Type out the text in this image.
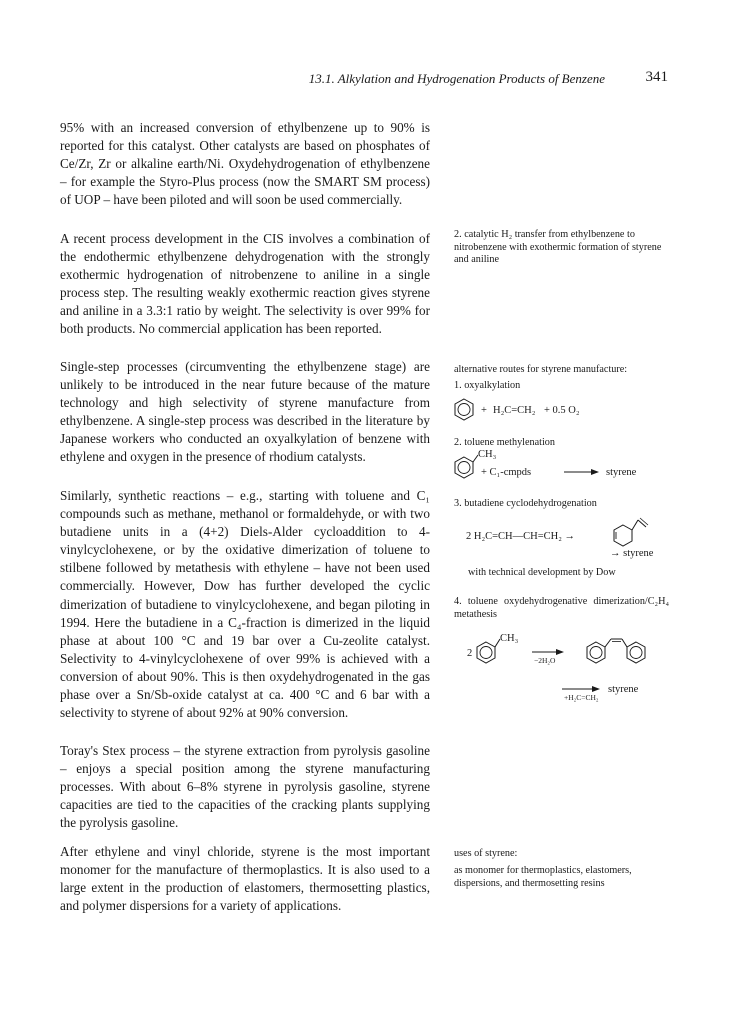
13.1. Alkylation and Hydrogenation Products of Benzene	341

95% with an increased conversion of ethylbenzene up to 90% is reported for this catalyst. Other catalysts are based on phosphates of Ce/Zr, Zr or alkaline earth/Ni. Oxydehydrogenation of ethylbenzene – for example the Styro-Plus process (now the SMART SM process) of UOP – have been piloted and will soon be used commercially.

A recent process development in the CIS involves a combination of the endothermic ethylbenzene dehydrogenation with the strongly exothermic hydrogenation of nitrobenzene to aniline in a single process step. The resulting weakly exothermic reaction gives styrene and aniline in a 3.3:1 ratio by weight. The selectivity is over 99% for both products. No commercial application has been reported.

Single-step processes (circumventing the ethylbenzene stage) are unlikely to be introduced in the near future because of the mature technology and high selectivity of styrene manufacture from ethylbenzene. A single-step process was described in the literature by Japanese workers who conducted an oxyalkylation of benzene with ethylene and oxygen in the presence of rhodium catalysts.

Similarly, synthetic reactions – e.g., starting with toluene and C₁ compounds such as methane, methanol or formaldehyde, or with two butadiene units in a (4+2) Diels-Alder cycloaddition to 4-vinylcyclohexene, or by the oxidative dimerization of toluene to stilbene followed by metathesis with ethylene – have not been used commercially. However, Dow has further developed the cyclic dimerization of butadiene to vinylcyclohexene, and began piloting in 1994. Here the butadiene in a C₄-fraction is dimerized in the liquid phase at about 100 °C and 19 bar over a Cu-zeolite catalyst. Selectivity to 4-vinylcyclohexene of over 99% is achieved with a conversion of about 90%. This is then oxydehydrogenated in the gas phase over a Sn/Sb-oxide catalyst at ca. 400 °C and 6 bar with a selectivity to styrene of about 92% at 90% conversion.

Toray's Stex process – the styrene extraction from pyrolysis gasoline – enjoys a special position among the styrene manufacturing processes. With about 6–8% styrene in pyrolysis gasoline, styrene capacities are tied to the capacities of the cracking plants supplying the pyrolysis gasoline.

After ethylene and vinyl chloride, styrene is the most important monomer for the manufacture of thermoplastics. It is also used to a large extent in the production of elastomers, thermosetting plastics, and polymer dispersions for a variety of applications.

2. catalytic H₂ transfer from ethylbenzene to nitrobenzene with exothermic formation of styrene and aniline

alternative routes for styrene manufacture:

1. oxyalkylation

2. toluene methylenation

3. butadiene cyclodehydrogenation

with technical development by Dow

4. toluene oxydehydrogenative dimerization/C₂H₄ metathesis

uses of styrene:

as monomer for thermoplastics, elastomers, dispersions, and thermosetting resins

+ H₂C=CH₂ + 0.5 O₂
CH₃
+ C₁-cmpds	styrene
2 H₂C=CH—CH=CH₂ →
→ styrene
2
CH₃
−2H₂O
+H₂C=CH₂
styrene
